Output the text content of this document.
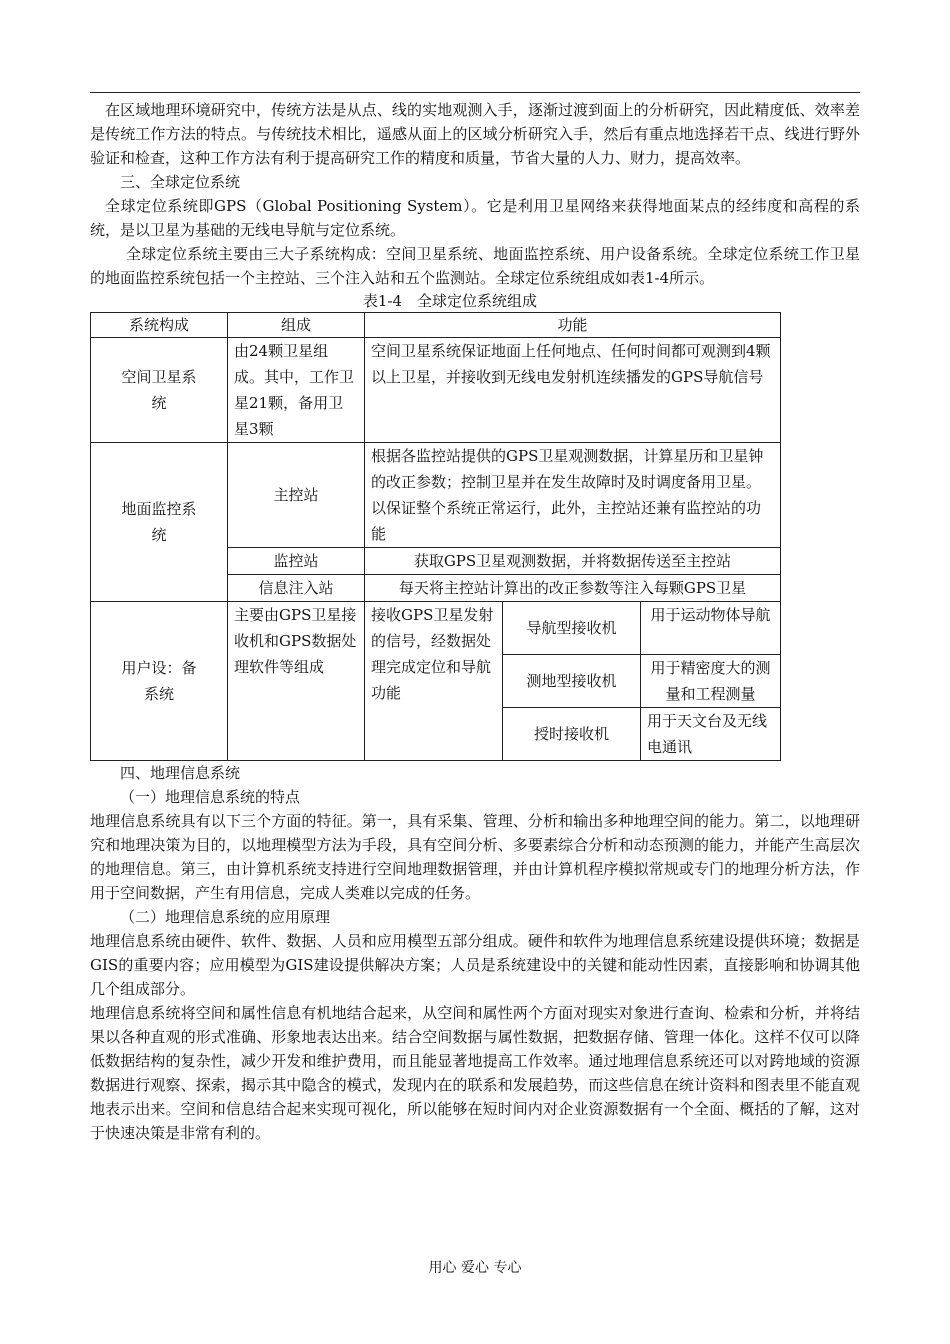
在区域地理环境研究中，传统方法是从点、线的实地观测入手，逐渐过渡到面上的分析研究，因此精度低、效率差是传统工作方法的特点。与传统技术相比，遥感从面上的区域分析研究入手，然后有重点地选择若干点、线进行野外验证和检查，这种工作方法有利于提高研究工作的精度和质量，节省大量的人力、财力，提高效率。

三、全球定位系统

全球定位系统即GPS（Global Positioning System）。它是利用卫星网络来获得地面某点的经纬度和高程的系统，是以卫星为基础的无线电导航与定位系统。

全球定位系统主要由三大子系统构成：空间卫星系统、地面监控系统、用户设备系统。全球定位系统工作卫星的地面监控系统包括一个主控站、三个注入站和五个监测站。全球定位系统组成如表1-4所示。

表1-4　全球定位系统组成
系统构成	组成	功能		
空间卫星系统	由24颗卫星组成。其中，工作卫星21颗，备用卫星3颗	空间卫星系统保证地面上任何地点、任何时间都可观测到4颗以上卫星，并接收到无线电发射机连续播发的GPS导航信号		
地面监控系统	主控站	根据各监控站提供的GPS卫星观测数据，计算星历和卫星钟的改正参数；控制卫星并在发生故障时及时调度备用卫星。以保证整个系统正常运行，此外，主控站还兼有监控站的功能		
	监控站	获取GPS卫星观测数据，并将数据传送至主控站		
	信息注入站	每天将主控站计算出的改正参数等注入每颗GPS卫星		
用户设：备系统	主要由GPS卫星接收机和GPS数据处理软件等组成	接收GPS卫星发射的信号，经数据处理完成定位和导航功能	导航型接收机	用于运动物体导航
			测地型接收机	用于精密度大的测量和工程测量
			授时接收机	用于天文台及无线电通讯

四、地理信息系统

（一）地理信息系统的特点

地理信息系统具有以下三个方面的特征。第一，具有采集、管理、分析和输出多种地理空间的能力。第二，以地理研究和地理决策为目的，以地理模型方法为手段，具有空间分析、多要素综合分析和动态预测的能力，并能产生高层次的地理信息。第三，由计算机系统支持进行空间地理数据管理，并由计算机程序模拟常规或专门的地理分析方法，作用于空间数据，产生有用信息，完成人类难以完成的任务。

（二）地理信息系统的应用原理

地理信息系统由硬件、软件、数据、人员和应用模型五部分组成。硬件和软件为地理信息系统建设提供环境；数据是GIS的重要内容；应用模型为GIS建设提供解决方案；人员是系统建设中的关键和能动性因素，直接影响和协调其他几个组成部分。

地理信息系统将空间和属性信息有机地结合起来，从空间和属性两个方面对现实对象进行查询、检索和分析，并将结果以各种直观的形式准确、形象地表达出来。结合空间数据与属性数据，把数据存储、管理一体化。这样不仅可以降低数据结构的复杂性，减少开发和维护费用，而且能显著地提高工作效率。通过地理信息系统还可以对跨地域的资源数据进行观察、探索，揭示其中隐含的模式，发现内在的联系和发展趋势，而这些信息在统计资料和图表里不能直观地表示出来。空间和信息结合起来实现可视化，所以能够在短时间内对企业资源数据有一个全面、概括的了解，这对于快速决策是非常有利的。

用心 爱心 专心
